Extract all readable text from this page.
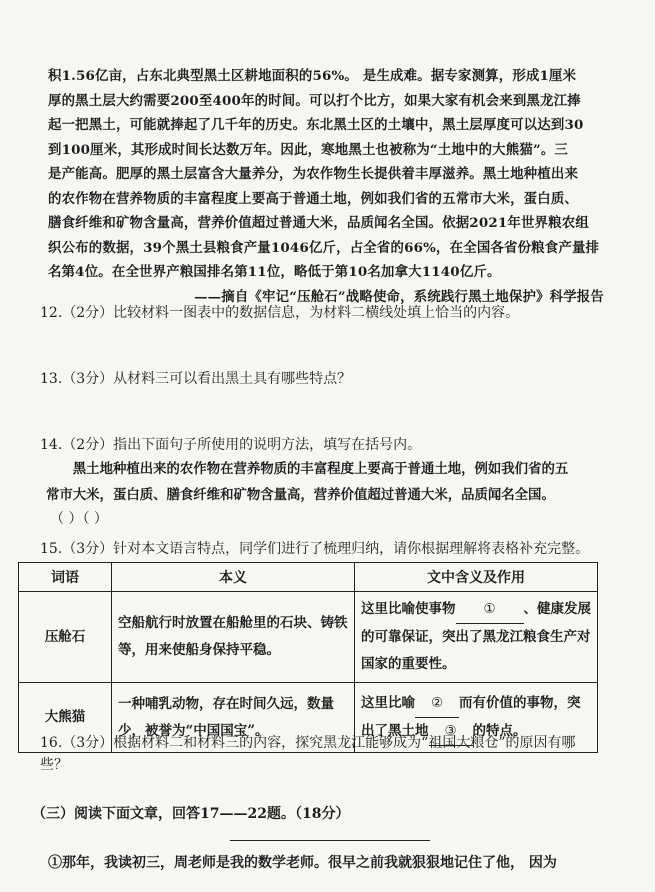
积1.56亿亩，占东北典型黑土区耕地面积的56%。 是生成难。据专家测算，形成1厘米

厚的黑土层大约需要200至400年的时间。可以打个比方，如果大家有机会来到黑龙江捧

起一把黑土，可能就捧起了几千年的历史。东北黑土区的土壤中，黑土层厚度可以达到30

到100厘米，其形成时间长达数万年。因此，寒地黑土也被称为“土地中的大熊猫”。三

是产能高。肥厚的黑土层富含大量养分，为农作物生长提供着丰厚滋养。黑土地种植出来

的农作物在营养物质的丰富程度上要高于普通土地，例如我们省的五常市大米，蛋白质、

膳食纤维和矿物含量高，营养价值超过普通大米，品质闻名全国。依据2021年世界粮农组

织公布的数据，39个黑土县粮食产量1046亿斤，占全省的66%，在全国各省份粮食产量排

名第4位。在全世界产粮国排名第11位，略低于第10名加拿大1140亿斤。

——摘自《牢记“压舱石”战略使命，系统践行黑土地保护》科学报告

12.（2分）比较材料一图表中的数据信息，为材料二横线处填上恰当的内容。
13.（3分）从材料三可以看出黑土具有哪些特点？
14.（2分）指出下面句子所使用的说明方法，填写在括号内。
黑土地种植出来的农作物在营养物质的丰富程度上要高于普通土地，例如我们省的五
常市大米，蛋白质、膳食纤维和矿物含量高，营养价值超过普通大米，品质闻名全国。
（ ）（ ）
15.（3分）针对本文语言特点，同学们进行了梳理归纳，请你根据理解将表格补充完整。
词语	本义	文中含义及作用
压舱石	空船航行时放置在船舱里的石块、铸铁等，用来使船身保持平稳。	这里比喻使事物 ① 、健康发展的可靠保证，突出了黑龙江粮食生产对国家的重要性。
大熊猫	一种哺乳动物，存在时间久远，数量少，被誉为“中国国宝”。	这里比喻 ② 而有价值的事物，突出了黑土地 ③ 的特点。
16.（3分）根据材料二和材料三的内容，探究黑龙江能够成为“祖国大粮仓”的原因有哪
些？
（三）阅读下面文章，回答17——22题。（18分）
①那年，我读初三，周老师是我的数学老师。很早之前我就狠狠地记住了他， 因为
